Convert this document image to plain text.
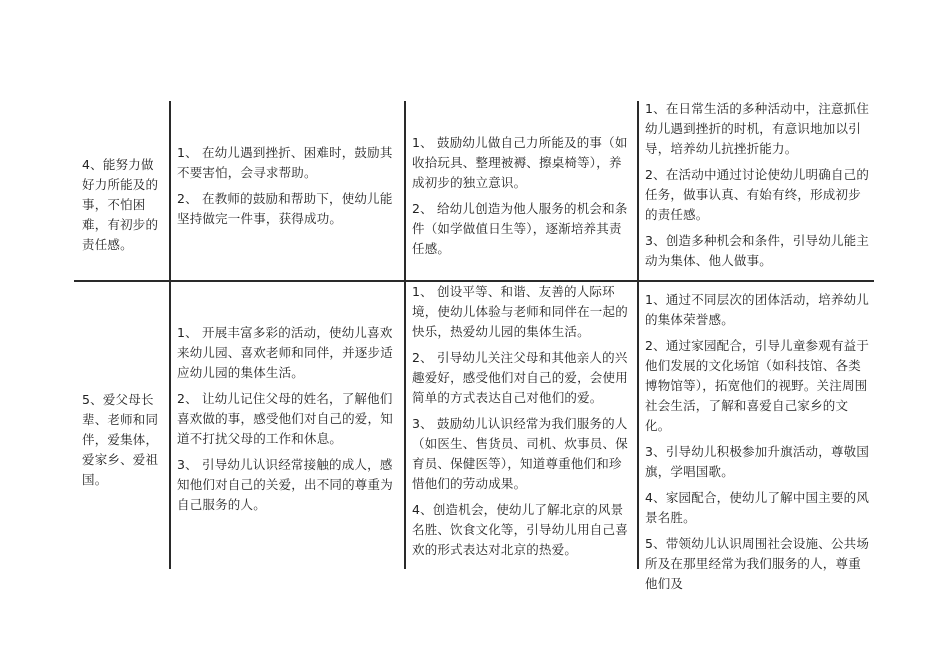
4、能努力做好力所能及的事，不怕困难，有初步的责任感。

1、 在幼儿遇到挫折、困难时，鼓励其不要害怕，会寻求帮助。

2、 在教师的鼓励和帮助下，使幼儿能坚持做完一件事，获得成功。

1、 鼓励幼儿做自己力所能及的事（如收拾玩具、整理被褥、擦桌椅等），养成初步的独立意识。

2、 给幼儿创造为他人服务的机会和条件（如学做值日生等），逐渐培养其责任感。

1、在日常生活的多种活动中，注意抓住幼儿遇到挫折的时机，有意识地加以引导，培养幼儿抗挫折能力。

2、在活动中通过讨论使幼儿明确自己的任务，做事认真、有始有终，形成初步的责任感。

3、创造多种机会和条件，引导幼儿能主动为集体、他人做事。

5、爱父母长辈、老师和同伴，爱集体，爱家乡、爱祖国。

1、 开展丰富多彩的活动，使幼儿喜欢来幼儿园、喜欢老师和同伴，并逐步适应幼儿园的集体生活。

2、 让幼儿记住父母的姓名，了解他们喜欢做的事，感受他们对自己的爱，知道不打扰父母的工作和休息。

3、 引导幼儿认识经常接触的成人，感知他们对自己的关爱，出不同的尊重为自己服务的人。

1、 创设平等、和谐、友善的人际环境，使幼儿体验与老师和同伴在一起的快乐，热爱幼儿园的集体生活。

2、 引导幼儿关注父母和其他亲人的兴趣爱好，感受他们对自己的爱，会使用简单的方式表达自己对他们的爱。

3、 鼓励幼儿认识经常为我们服务的人（如医生、售货员、司机、炊事员、保育员、保健医等），知道尊重他们和珍惜他们的劳动成果。

4、创造机会，使幼儿了解北京的风景名胜、饮食文化等，引导幼儿用自己喜欢的形式表达对北京的热爱。

1、通过不同层次的团体活动，培养幼儿的集体荣誉感。

2、通过家园配合，引导儿童参观有益于他们发展的文化场馆（如科技馆、各类博物馆等），拓宽他们的视野。关注周围社会生活，了解和喜爱自己家乡的文化。

3、引导幼儿积极参加升旗活动，尊敬国旗，学唱国歌。

4、家园配合，使幼儿了解中国主要的风景名胜。

5、带领幼儿认识周围社会设施、公共场所及在那里经常为我们服务的人，尊重他们及
